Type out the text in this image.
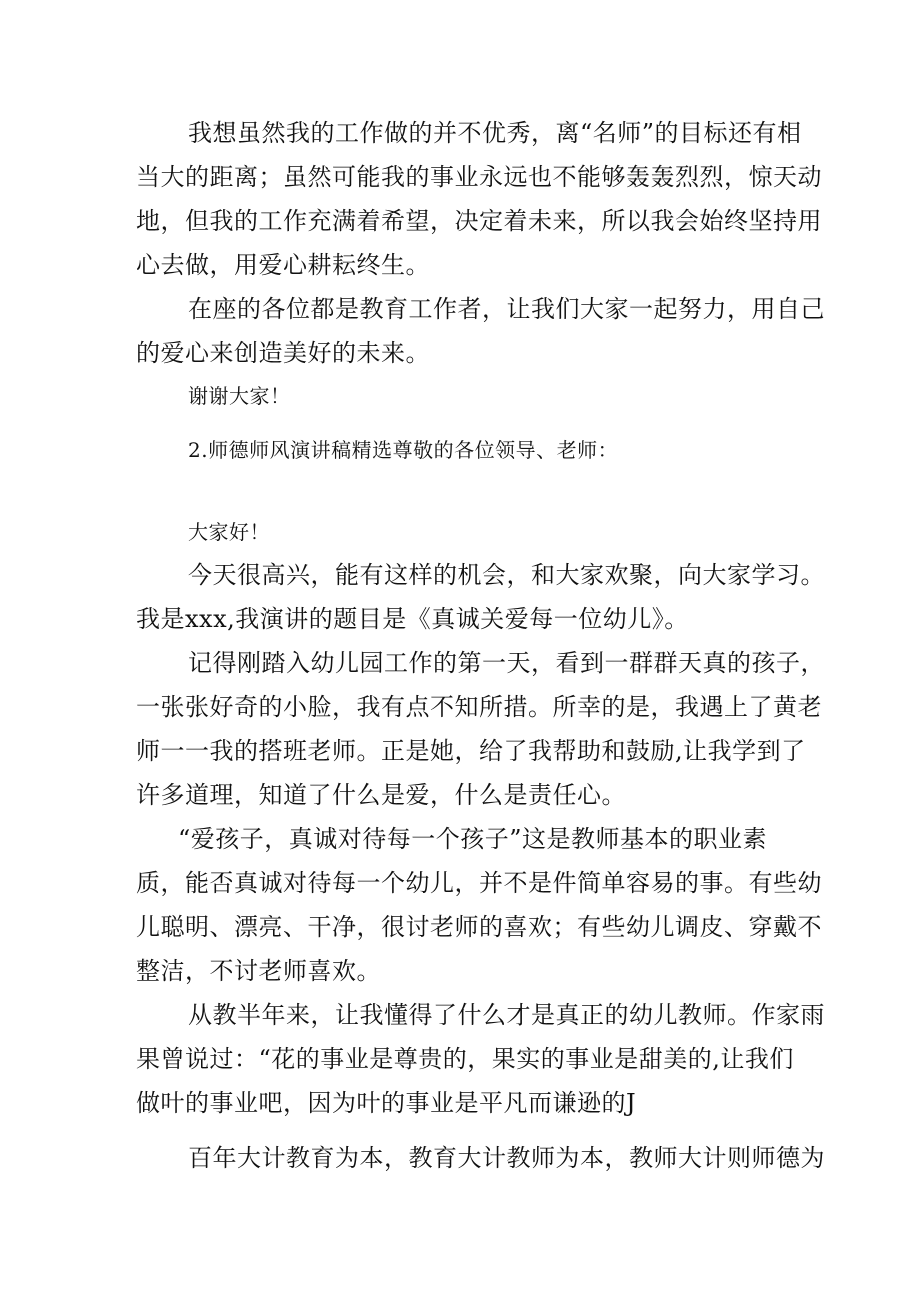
我想虽然我的工作做的并不优秀，离“名师”的目标还有相

当大的距离；虽然可能我的事业永远也不能够轰轰烈烈，惊天动

地，但我的工作充满着希望，决定着未来，所以我会始终坚持用

心去做，用爱心耕耘终生。

在座的各位都是教育工作者，让我们大家一起努力，用自己

的爱心来创造美好的未来。

谢谢大家！

2.师德师风演讲稿精选尊敬的各位领导、老师：

大家好！

今天很高兴，能有这样的机会，和大家欢聚，向大家学习。

我是xxx,我演讲的题目是《真诚关爱每一位幼儿》。

记得刚踏入幼儿园工作的第一天，看到一群群天真的孩子，

一张张好奇的小脸，我有点不知所措。所幸的是，我遇上了黄老

师一一我的搭班老师。正是她，给了我帮助和鼓励,让我学到了

许多道理，知道了什么是爱，什么是责任心。

“爱孩子，真诚对待每一个孩子”这是教师基本的职业素

质，能否真诚对待每一个幼儿，并不是件简单容易的事。有些幼

儿聪明、漂亮、干净，很讨老师的喜欢；有些幼儿调皮、穿戴不

整洁，不讨老师喜欢。

从教半年来，让我懂得了什么才是真正的幼儿教师。作家雨

果曾说过：“花的事业是尊贵的，果实的事业是甜美的,让我们

做叶的事业吧，因为叶的事业是平凡而谦逊的J

百年大计教育为本，教育大计教师为本，教师大计则师德为
